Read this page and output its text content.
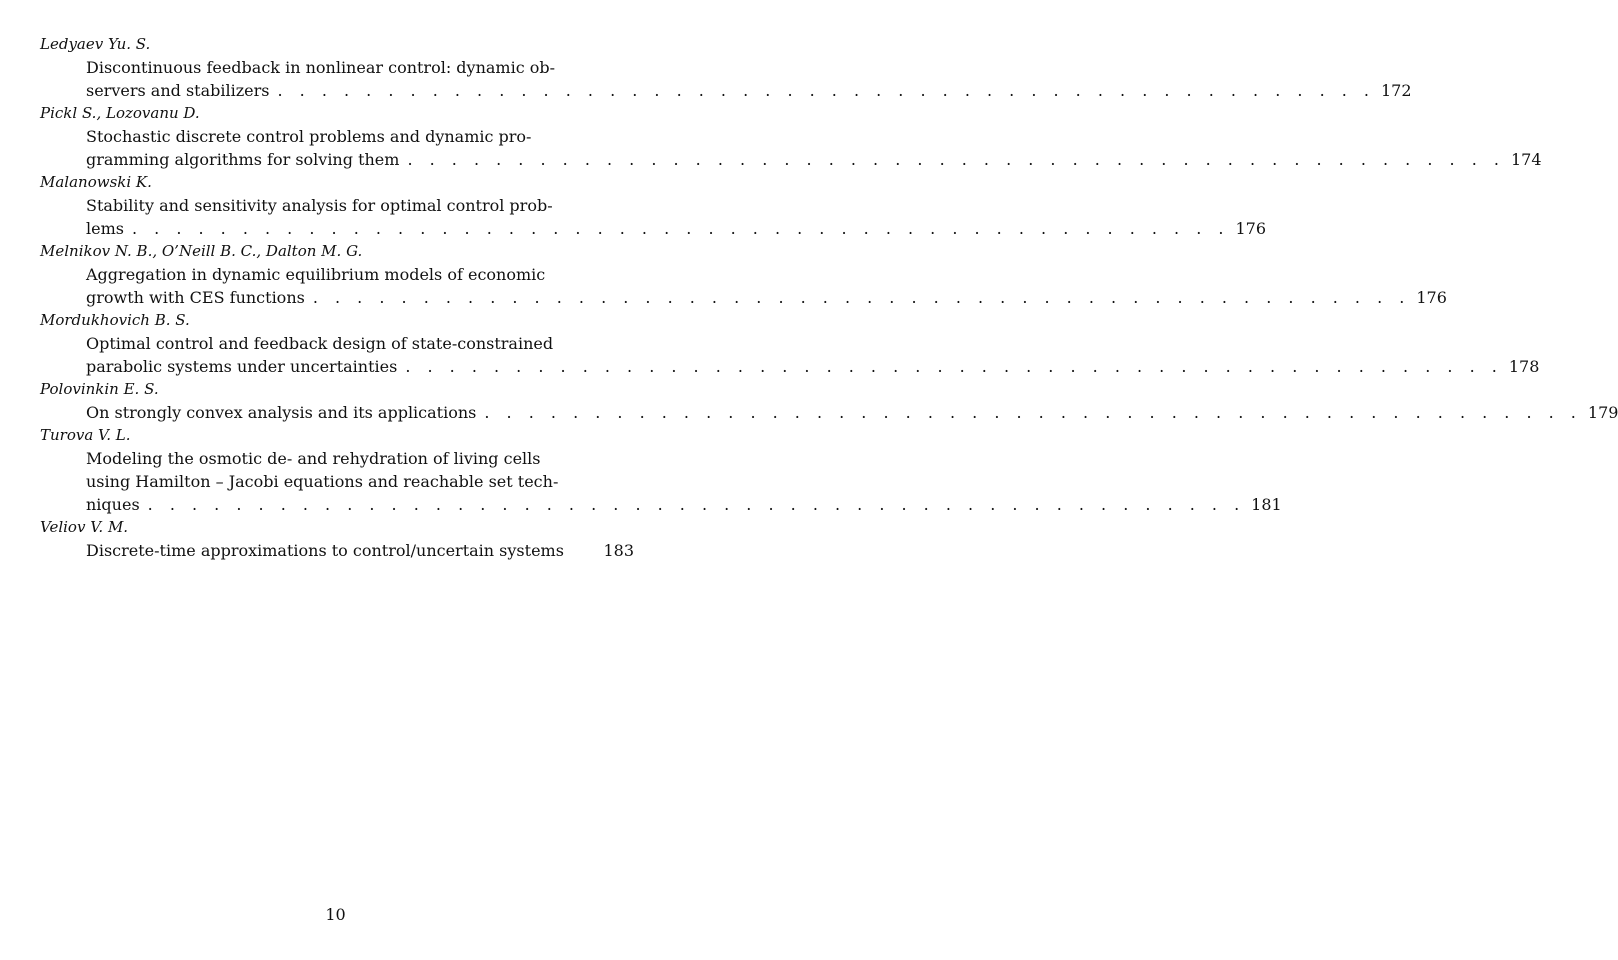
Ledyaev Yu. S.
Discontinuous feedback in nonlinear control: dynamic ob-
servers and stabilizers . . . . . . . . . . . . . . . . . . . . . . . . . . . . . . . . . . . . . . . . . . . . . . . . . . 172
Pickl S., Lozovanu D.
Stochastic discrete control problems and dynamic pro-
gramming algorithms for solving them . . . . . . . . . . . . . . . . . . . . . . . . . . . . . . . . . . . . . . . . . . . . . . . . . . 174
Malanowski K.
Stability and sensitivity analysis for optimal control prob-
lems . . . . . . . . . . . . . . . . . . . . . . . . . . . . . . . . . . . . . . . . . . . . . . . . . . 176
Melnikov N. B., O’Neill B. C., Dalton M. G.
Aggregation in dynamic equilibrium models of economic
growth with CES functions . . . . . . . . . . . . . . . . . . . . . . . . . . . . . . . . . . . . . . . . . . . . . . . . . . 176
Mordukhovich B. S.
Optimal control and feedback design of state-constrained
parabolic systems under uncertainties . . . . . . . . . . . . . . . . . . . . . . . . . . . . . . . . . . . . . . . . . . . . . . . . . . 178
Polovinkin E. S.
On strongly convex analysis and its applications . . . . . . . . . . . . . . . . . . . . . . . . . . . . . . . . . . . . . . . . . . . . . . . . . . 179
Turova V. L.
Modeling the osmotic de- and rehydration of living cells
using Hamilton – Jacobi equations and reachable set tech-
niques . . . . . . . . . . . . . . . . . . . . . . . . . . . . . . . . . . . . . . . . . . . . . . . . . . 181
Veliov V. M.
Discrete-time approximations to control/uncertain systems 183
10
